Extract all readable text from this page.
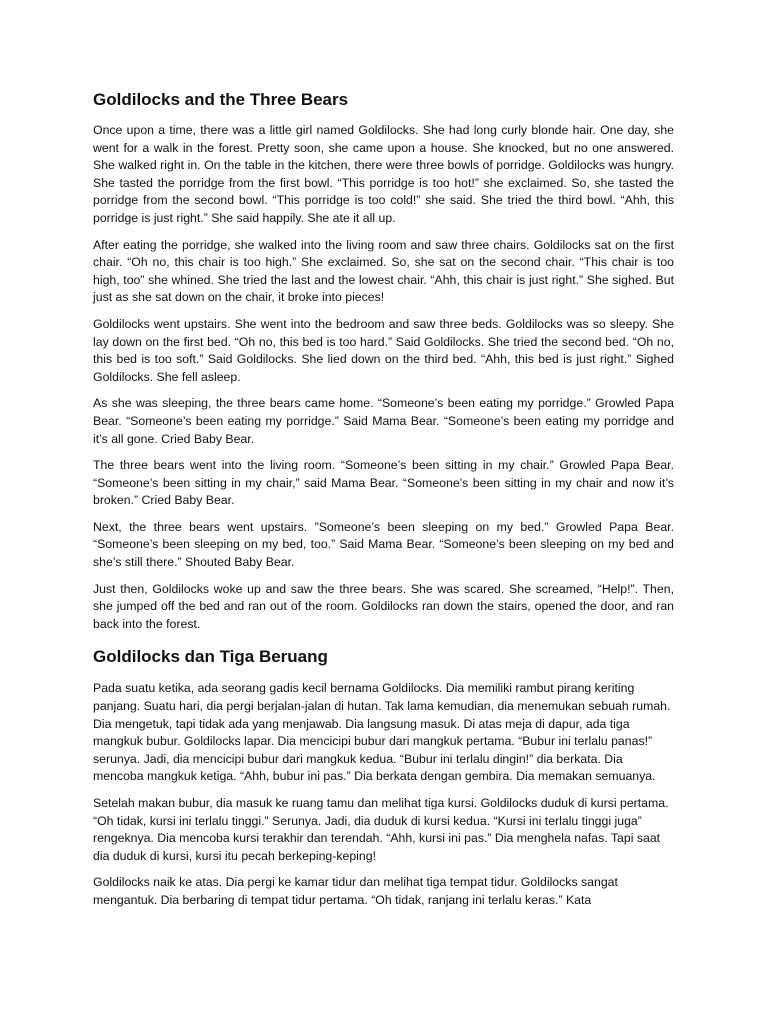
Goldilocks and the Three Bears

Once upon a time, there was a little girl named Goldilocks. She had long curly blonde hair. One day, she went for a walk in the forest. Pretty soon, she came upon a house. She knocked, but no one answered. She walked right in. On the table in the kitchen, there were three bowls of porridge. Goldilocks was hungry. She tasted the porridge from the first bowl. “This porridge is too hot!” she exclaimed. So, she tasted the porridge from the second bowl. “This porridge is too cold!” she said. She tried the third bowl. “Ahh, this porridge is just right.” She said happily. She ate it all up.

After eating the porridge, she walked into the living room and saw three chairs. Goldilocks sat on the first chair. “Oh no, this chair is too high.” She exclaimed. So, she sat on the second chair. “This chair is too high, too” she whined. She tried the last and the lowest chair. “Ahh, this chair is just right.” She sighed. But just as she sat down on the chair, it broke into pieces!

Goldilocks went upstairs. She went into the bedroom and saw three beds. Goldilocks was so sleepy. She lay down on the first bed. “Oh no, this bed is too hard.” Said Goldilocks. She tried the second bed. “Oh no, this bed is too soft.” Said Goldilocks. She lied down on the third bed. “Ahh, this bed is just right.” Sighed Goldilocks. She fell asleep.

As she was sleeping, the three bears came home. “Someone’s been eating my porridge.” Growled Papa Bear. “Someone’s been eating my porridge.” Said Mama Bear. “Someone’s been eating my porridge and it’s all gone. Cried Baby Bear.

The three bears went into the living room. “Someone’s been sitting in my chair.” Growled Papa Bear. “Someone’s been sitting in my chair,” said Mama Bear. “Someone’s been sitting in my chair and now it’s broken.” Cried Baby Bear.

Next, the three bears went upstairs. ”Someone’s been sleeping on my bed.” Growled Papa Bear. “Someone’s been sleeping on my bed, too.” Said Mama Bear. “Someone’s been sleeping on my bed and she’s still there.” Shouted Baby Bear.

Just then, Goldilocks woke up and saw the three bears. She was scared. She screamed, “Help!”. Then, she jumped off the bed and ran out of the room. Goldilocks ran down the stairs, opened the door, and ran back into the forest.

Goldilocks dan Tiga Beruang

Pada suatu ketika, ada seorang gadis kecil bernama Goldilocks. Dia memiliki rambut pirang keriting panjang. Suatu hari, dia pergi berjalan-jalan di hutan. Tak lama kemudian, dia menemukan sebuah rumah. Dia mengetuk, tapi tidak ada yang menjawab. Dia langsung masuk. Di atas meja di dapur, ada tiga mangkuk bubur. Goldilocks lapar. Dia mencicipi bubur dari mangkuk pertama. “Bubur ini terlalu panas!” serunya. Jadi, dia mencicipi bubur dari mangkuk kedua. “Bubur ini terlalu dingin!” dia berkata. Dia mencoba mangkuk ketiga. “Ahh, bubur ini pas.” Dia berkata dengan gembira. Dia memakan semuanya.

Setelah makan bubur, dia masuk ke ruang tamu dan melihat tiga kursi. Goldilocks duduk di kursi pertama. “Oh tidak, kursi ini terlalu tinggi.” Serunya. Jadi, dia duduk di kursi kedua. “Kursi ini terlalu tinggi juga” rengeknya. Dia mencoba kursi terakhir dan terendah. “Ahh, kursi ini pas.” Dia menghela nafas. Tapi saat dia duduk di kursi, kursi itu pecah berkeping-keping!

Goldilocks naik ke atas. Dia pergi ke kamar tidur dan melihat tiga tempat tidur. Goldilocks sangat mengantuk. Dia berbaring di tempat tidur pertama. “Oh tidak, ranjang ini terlalu keras.” Kata
